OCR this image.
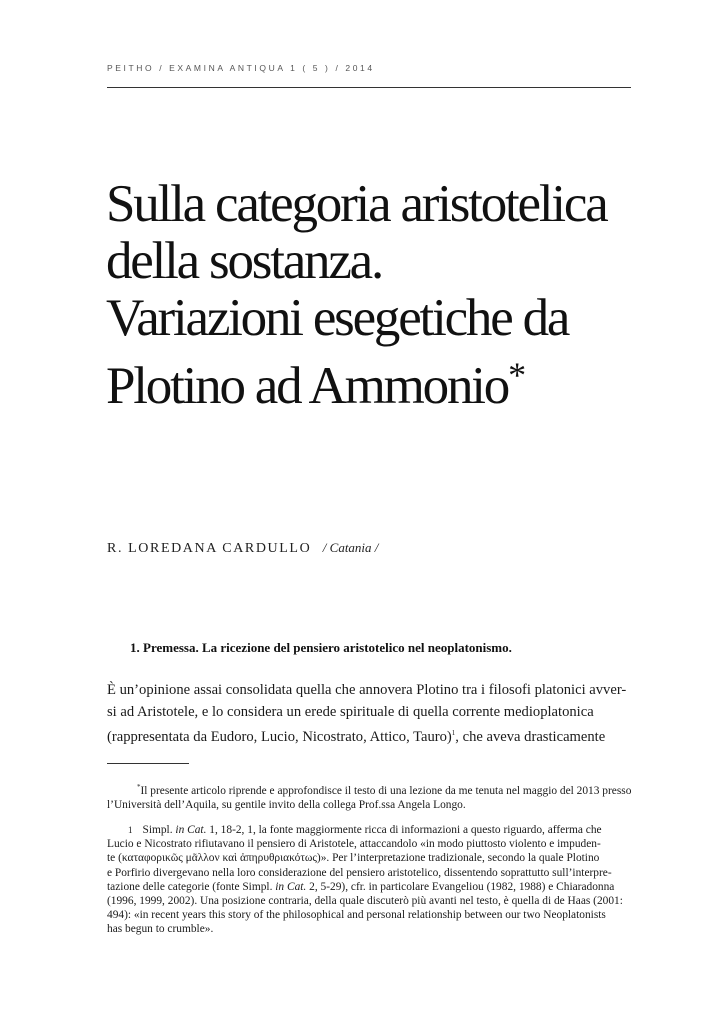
PEITHO / EXAMINA ANTIQUA 1 ( 5 ) / 2014
Sulla categoria aristotelica
della sostanza.
Variazioni esegetiche da
Plotino ad Ammonio*
R. LOREDANA CARDULLO / Catania /
1. Premessa. La ricezione del pensiero aristotelico nel neoplatonismo.

È un’opinione assai consolidata quella che annovera Plotino tra i filosofi platonici avver-
si ad Aristotele, e lo considera un erede spirituale di quella corrente medioplatonica
(rappresentata da Eudoro, Lucio, Nicostrato, Attico, Tauro)$^1$, che aveva drasticamente

*Il presente articolo riprende e approfondisce il testo di una lezione da me tenuta nel maggio del 2013 presso
l’Università dell’Aquila, su gentile invito della collega Prof.ssa Angela Longo.

1 Simpl. in Cat. 1, 18-2, 1, la fonte maggiormente ricca di informazioni a questo riguardo, afferma che
Lucio e Nicostrato rifiutavano il pensiero di Aristotele, attaccandolo «in modo piuttosto violento e impuden-
te (καταφορικῶς μᾶλλον καὶ ἀπηρυθριακότως)». Per l’interpretazione tradizionale, secondo la quale Plotino
e Porfirio divergevano nella loro considerazione del pensiero aristotelico, dissentendo soprattutto sull’interpre-
tazione delle categorie (fonte Simpl. in Cat. 2, 5-29), cfr. in particolare Evangeliou (1982, 1988) e Chiaradonna
(1996, 1999, 2002). Una posizione contraria, della quale discuterò più avanti nel testo, è quella di de Haas (2001:
494): «in recent years this story of the philosophical and personal relationship between our two Neoplatonists
has begun to crumble».
